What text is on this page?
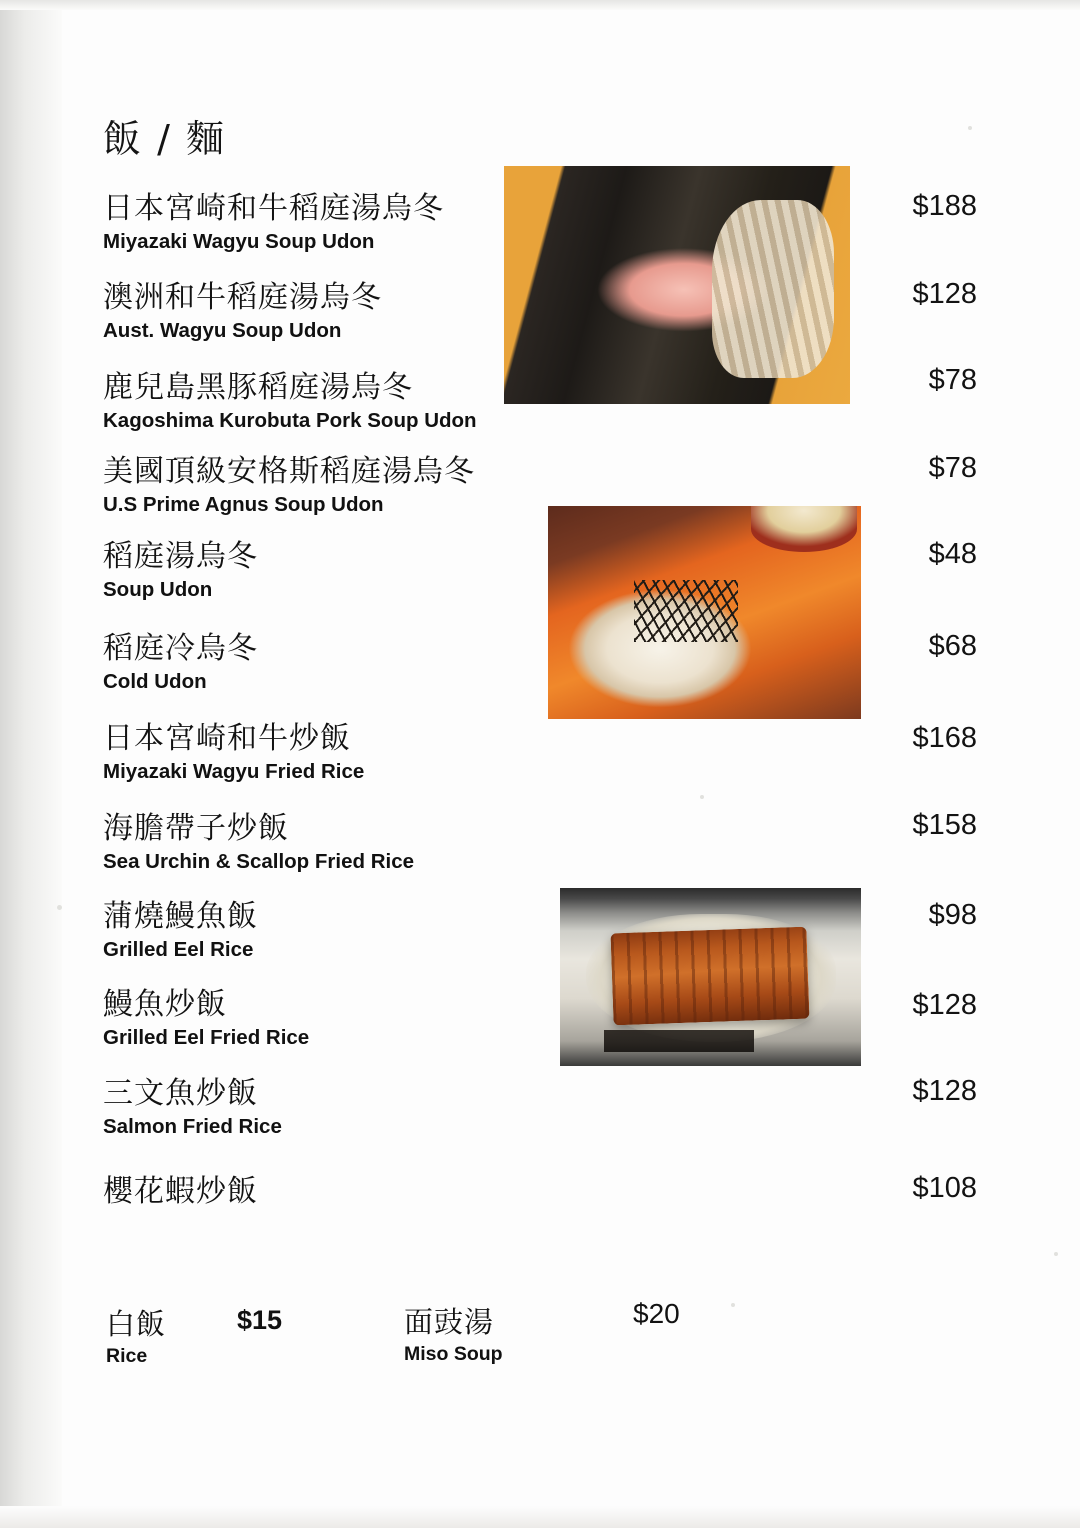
飯 / 麵
日本宮崎和牛稻庭湯烏冬
Miyazaki Wagyu Soup Udon
$188
澳洲和牛稻庭湯烏冬
Aust. Wagyu Soup Udon
$128
鹿兒島黑豚稻庭湯烏冬
Kagoshima Kurobuta Pork Soup Udon
$78
美國頂級安格斯稻庭湯烏冬
U.S Prime Agnus Soup Udon
$78
稻庭湯烏冬
Soup Udon
$48
稻庭冷烏冬
Cold Udon
$68
日本宮崎和牛炒飯
Miyazaki Wagyu Fried Rice
$168
海膽帶子炒飯
Sea Urchin & Scallop Fried Rice
$158
蒲燒鰻魚飯
Grilled Eel Rice
$98
鰻魚炒飯
Grilled Eel Fried Rice
$128
三文魚炒飯
Salmon Fried Rice
$128
櫻花蝦炒飯	$108
白飯
Rice
$15	面豉湯
Miso Soup
$20
